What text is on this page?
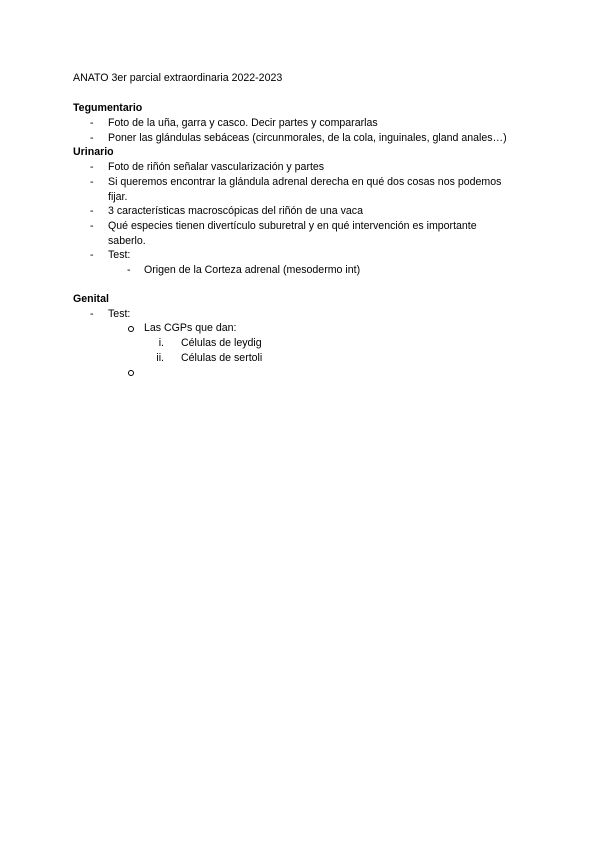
ANATO 3er parcial extraordinaria 2022-2023
Tegumentario
- Foto de la uña, garra y casco. Decir partes y compararlas
- Poner las glándulas sebáceas (circunmorales, de la cola, inguinales, gland anales…)
Urinario
- Foto de riñón señalar vascularización y partes
- Si queremos encontrar la glándula adrenal derecha en qué dos cosas nos podemos
fijar.
- 3 características macroscópicas del riñón de una vaca
- Qué especies tienen divertículo suburetral y en qué intervención es importante
saberlo.
- Test:
- Origen de la Corteza adrenal (mesodermo int)
Genital
- Test:
Las CGPs que dan:
i. Células de leydig
ii. Células de sertoli
